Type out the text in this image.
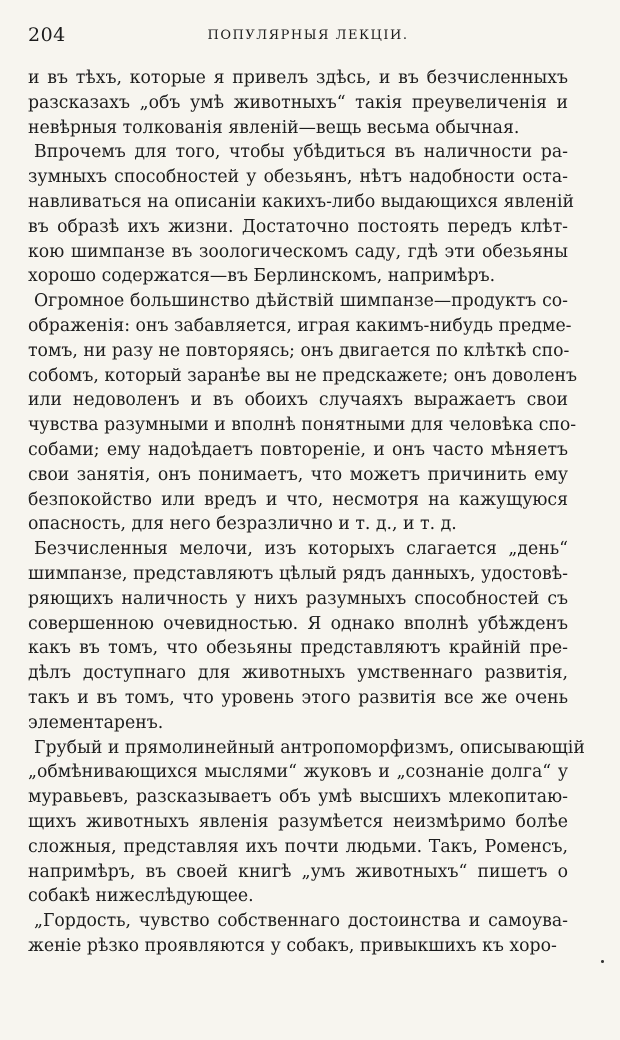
204	ПОПУЛЯРНЫЯ ЛЕКЦІИ.
и въ тѣхъ, которые я привелъ здѣсь, и въ безчисленныхъ
разсказахъ „объ умѣ животныхъ“ такія преувеличенія и
невѣрныя толкованія явленій—вещь весьма обычная.
Впрочемъ для того, чтобы убѣдиться въ наличности ра-
зумныхъ способностей у обезьянъ, нѣтъ надобности оста-
навливаться на описаніи какихъ-либо выдающихся явленій
въ образѣ ихъ жизни. Достаточно постоять передъ клѣт-
кою шимпанзе въ зоологическомъ саду, гдѣ эти обезьяны
хорошо содержатся—въ Берлинскомъ, напримѣръ.
Огромное большинство дѣйствій шимпанзе—продуктъ со-
ображенія: онъ забавляется, играя какимъ-нибудь предме-
томъ, ни разу не повторяясь; онъ двигается по клѣткѣ спо-
собомъ, который заранѣе вы не предскажете; онъ доволенъ
или недоволенъ и въ обоихъ случаяхъ выражаетъ свои
чувства разумными и вполнѣ понятными для человѣка спо-
собами; ему надоѣдаетъ повтореніе, и онъ часто мѣняетъ
свои занятія, онъ понимаетъ, что можетъ причинить ему
безпокойство или вредъ и что, несмотря на кажущуюся
опасность, для него безразлично и т. д., и т. д.
Безчисленныя мелочи, изъ которыхъ слагается „день“
шимпанзе, представляютъ цѣлый рядъ данныхъ, удостовѣ-
ряющихъ наличность у нихъ разумныхъ способностей съ
совершенною очевидностью. Я однако вполнѣ убѣжденъ
какъ въ томъ, что обезьяны представляютъ крайній пре-
дѣлъ доступнаго для животныхъ умственнаго развитія,
такъ и въ томъ, что уровень этого развитія все же очень
элементаренъ.
Грубый и прямолинейный антропоморфизмъ, описывающій
„обмѣнивающихся мыслями“ жуковъ и „сознаніе долга“ у
муравьевъ, разсказываетъ объ умѣ высшихъ млекопитаю-
щихъ животныхъ явленія разумѣется неизмѣримо болѣе
сложныя, представляя ихъ почти людьми. Такъ, Роменсъ,
напримѣръ, въ своей книгѣ „умъ животныхъ“ пишетъ о
собакѣ нижеслѣдующее.
„Гордость, чувство собственнаго достоинства и самоува-
женіе рѣзко проявляются у собакъ, привыкшихъ къ хоро-
